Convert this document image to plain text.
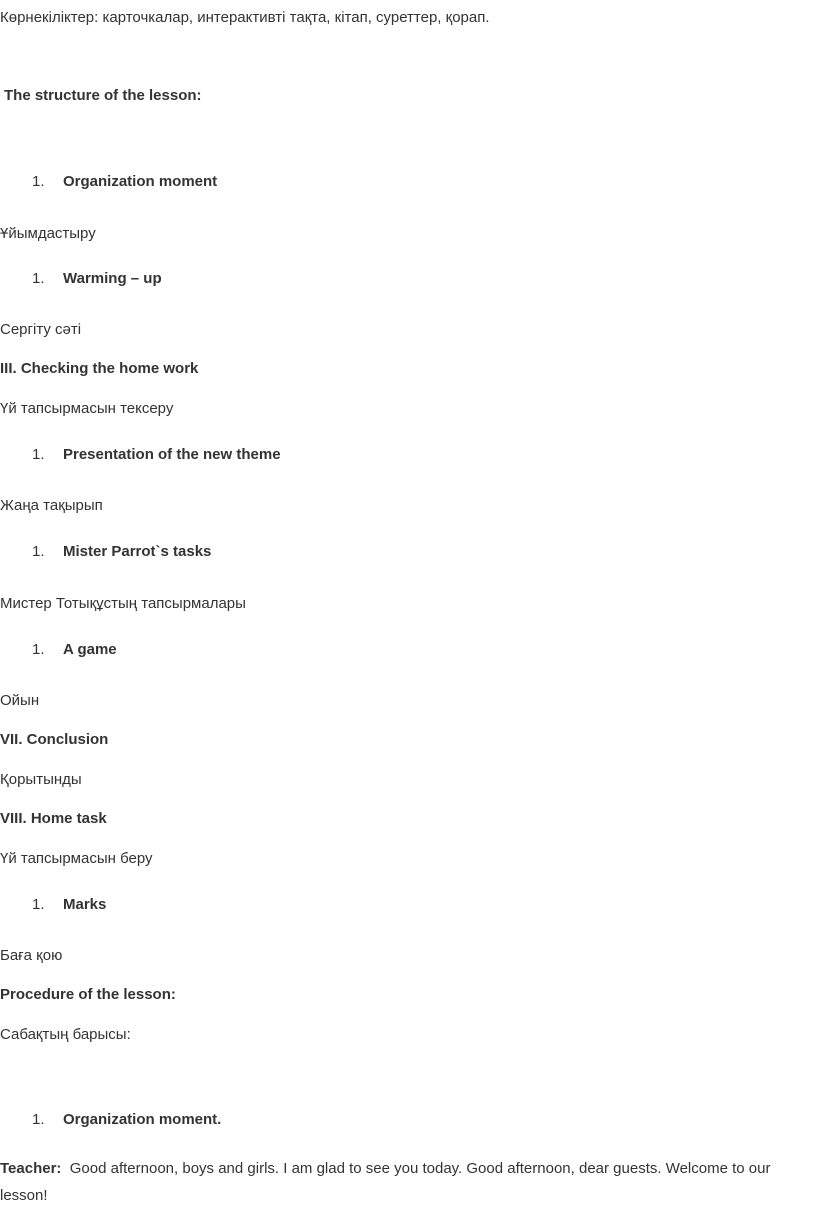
Көрнекіліктер: карточкалар, интерактивті тақта, кітап, суреттер, қорап.
The structure of the lesson:
1. Organization moment
Ұйымдастыру
1. Warming – up
Сергіту сәті
III. Checking the home work
Үй тапсырмасын тексеру
1. Presentation of the new theme
Жаңа тақырып
1. Mister Parrot`s tasks
Мистер Тотықұстың тапсырмалары
1. A game
Ойын
VII. Conclusion
Қорытынды
VIII. Home task
Үй тапсырмасын беру
1. Marks
Баға қою
Procedure of the lesson:
Сабақтың барысы:
1. Organization moment.
Teacher: Good afternoon, boys and girls. I am glad to see you today. Good afternoon, dear guests. Welcome to our lesson!
